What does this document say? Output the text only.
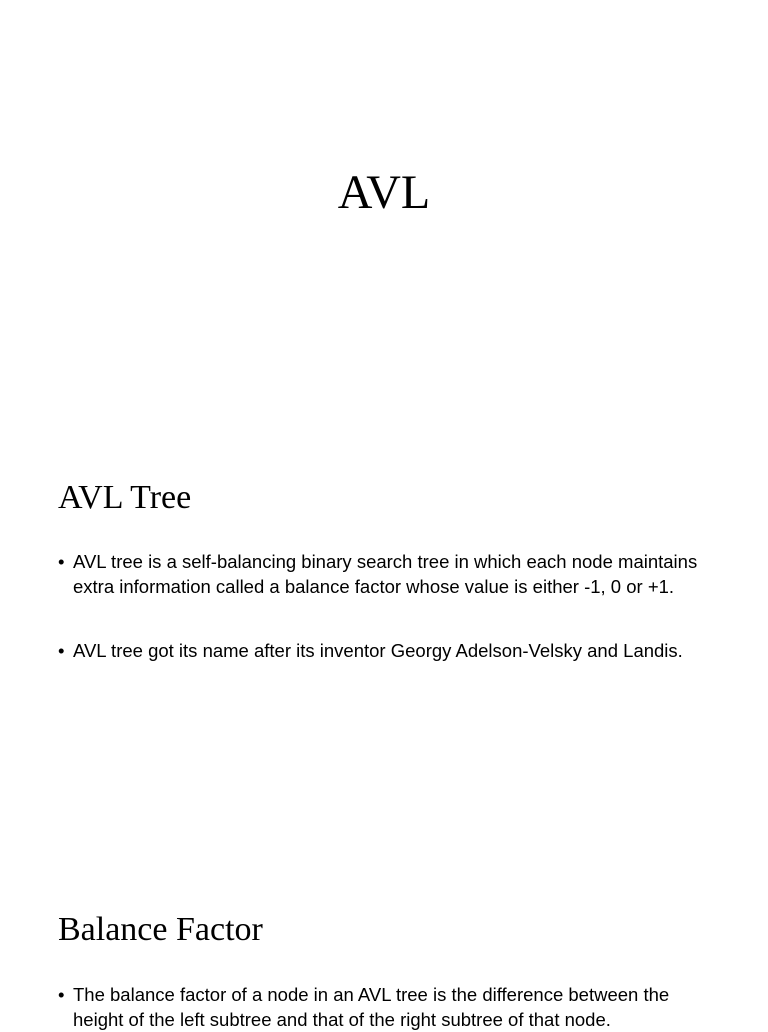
AVL
AVL Tree
• AVL tree is a self-balancing binary search tree in which each node maintains extra information called a balance factor whose value is either -1, 0 or +1.
• AVL tree got its name after its inventor Georgy Adelson-Velsky and Landis.
Balance Factor
• The balance factor of a node in an AVL tree is the difference between the height of the left subtree and that of the right subtree of that node.
